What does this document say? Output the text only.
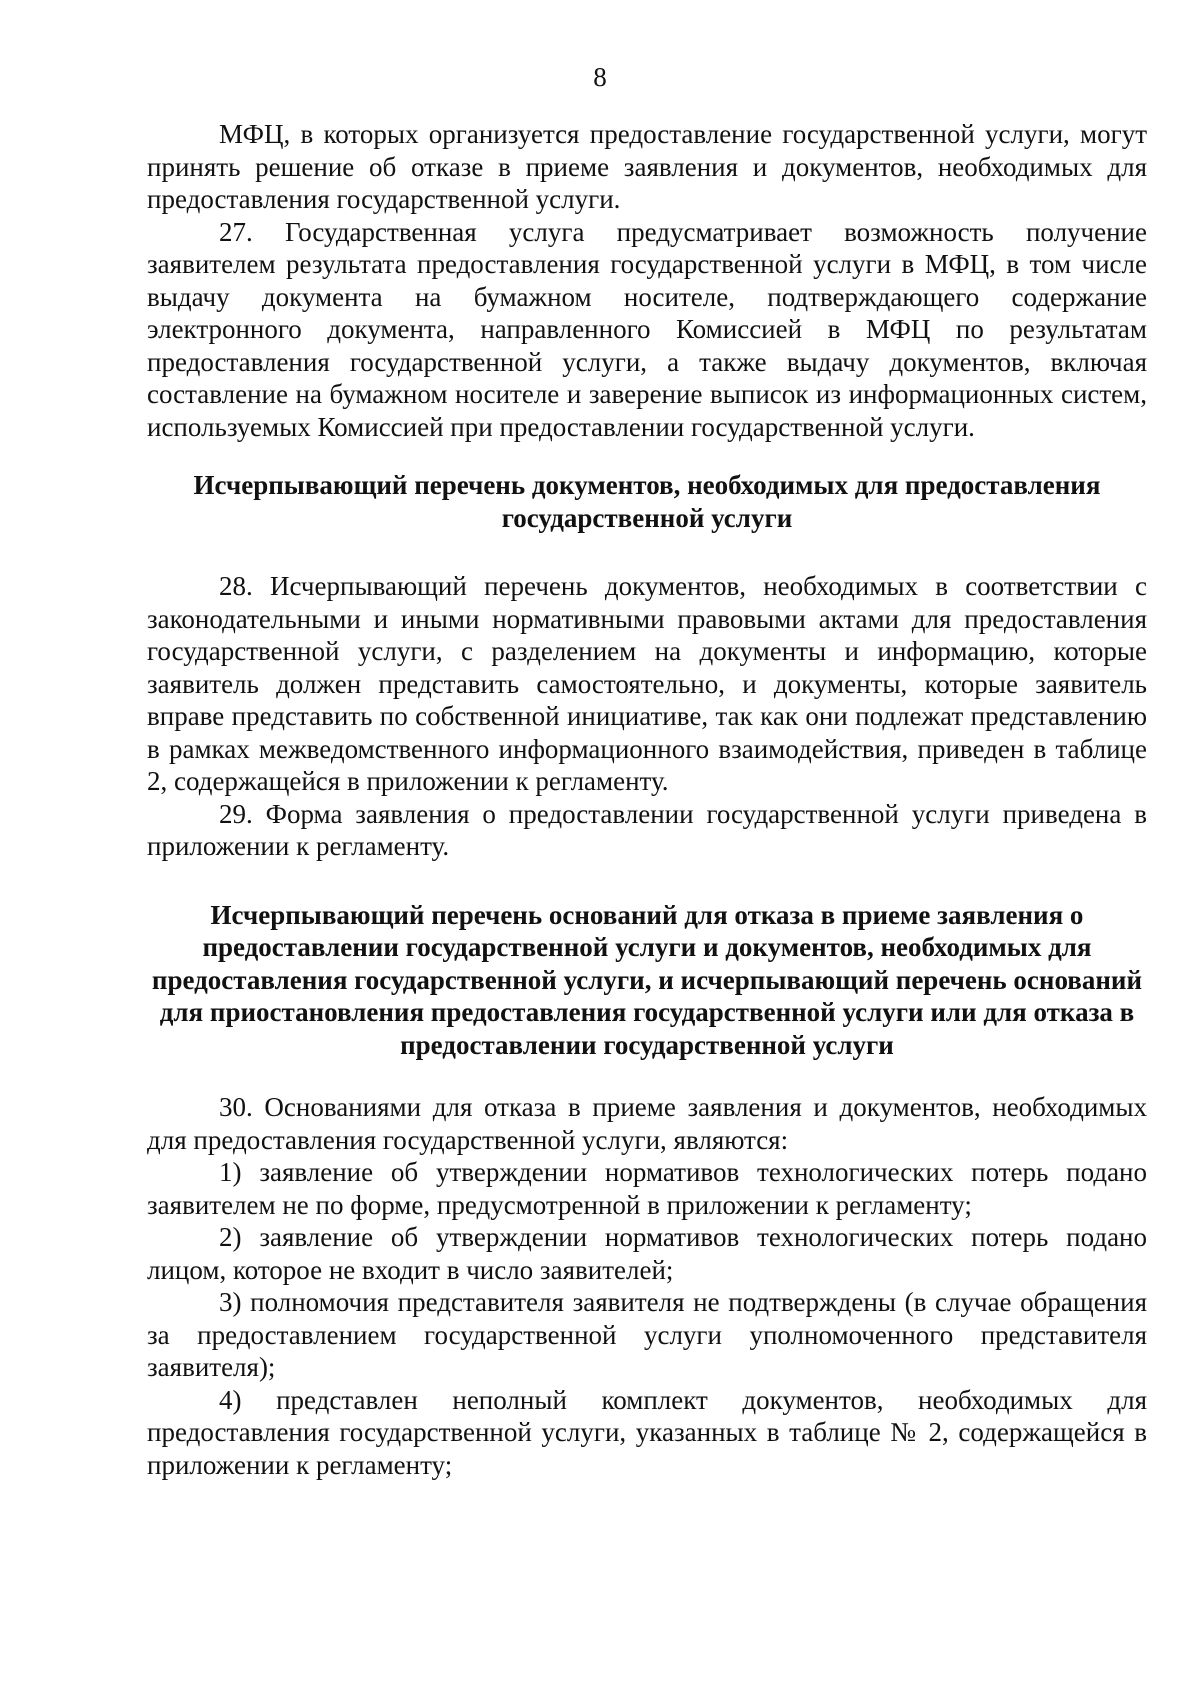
8

МФЦ, в которых организуется предоставление государственной услуги, могут принять решение об отказе в приеме заявления и документов, необходимых для предоставления государственной услуги.

27. Государственная услуга предусматривает возможность получение заявителем результата предоставления государственной услуги в МФЦ, в том числе выдачу документа на бумажном носителе, подтверждающего содержание электронного документа, направленного Комиссией в МФЦ по результатам предоставления государственной услуги, а также выдачу документов, включая составление на бумажном носителе и заверение выписок из информационных систем, используемых Комиссией при предоставлении государственной услуги.

Исчерпывающий перечень документов, необходимых для предоставления государственной услуги

28. Исчерпывающий перечень документов, необходимых в соответствии с законодательными и иными нормативными правовыми актами для предоставления государственной услуги, с разделением на документы и информацию, которые заявитель должен представить самостоятельно, и документы, которые заявитель вправе представить по собственной инициативе, так как они подлежат представлению в рамках межведомственного информационного взаимодействия, приведен в таблице 2, содержащейся в приложении к регламенту.

29. Форма заявления о предоставлении государственной услуги приведена в приложении к регламенту.

Исчерпывающий перечень оснований для отказа в приеме заявления о предоставлении государственной услуги и документов, необходимых для предоставления государственной услуги, и исчерпывающий перечень оснований для приостановления предоставления государственной услуги или для отказа в предоставлении государственной услуги

30. Основаниями для отказа в приеме заявления и документов, необходимых для предоставления государственной услуги, являются:

1) заявление об утверждении нормативов технологических потерь подано заявителем не по форме, предусмотренной в приложении к регламенту;

2) заявление об утверждении нормативов технологических потерь подано лицом, которое не входит в число заявителей;

3) полномочия представителя заявителя не подтверждены (в случае обращения за предоставлением государственной услуги уполномоченного представителя заявителя);

4) представлен неполный комплект документов, необходимых для предоставления государственной услуги, указанных в таблице № 2, содержащейся в приложении к регламенту;
